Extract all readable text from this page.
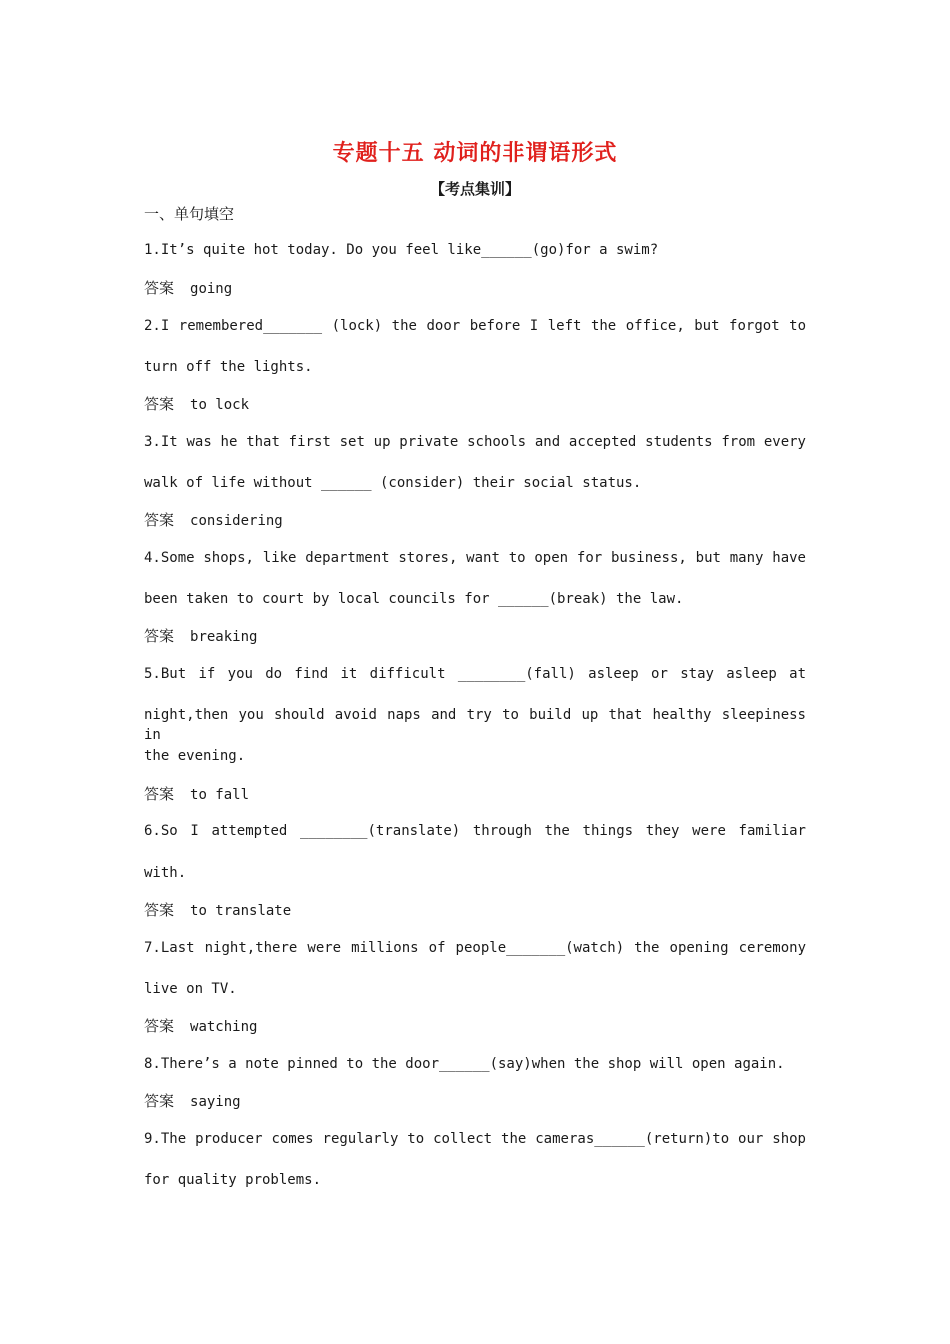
专题十五 动词的非谓语形式
【考点集训】
一、单句填空
1.It’s quite hot today. Do you feel like______(go)for a swim?
答案 going
2.I remembered_______ (lock) the door before I left the office, but forgot to
turn off the lights.
答案 to lock
3.It was he that first set up private schools and accepted students from every
walk of life without ______ (consider) their social status.
答案 considering
4.Some shops, like department stores, want to open for business, but many have
been taken to court by local councils for ______(break) the law.
答案 breaking
5.But if you do find it difficult ________(fall) asleep or stay asleep at
night,then you should avoid naps and try to build up that healthy sleepiness in
the evening.
答案 to fall
6.So I attempted ________(translate) through the things they were familiar
with.
答案 to translate
7.Last night,there were millions of people_______(watch) the opening ceremony
live on TV.
答案 watching
8.There’s a note pinned to the door______(say)when the shop will open again.
答案 saying
9.The producer comes regularly to collect the cameras______(return)to our shop
for quality problems.
